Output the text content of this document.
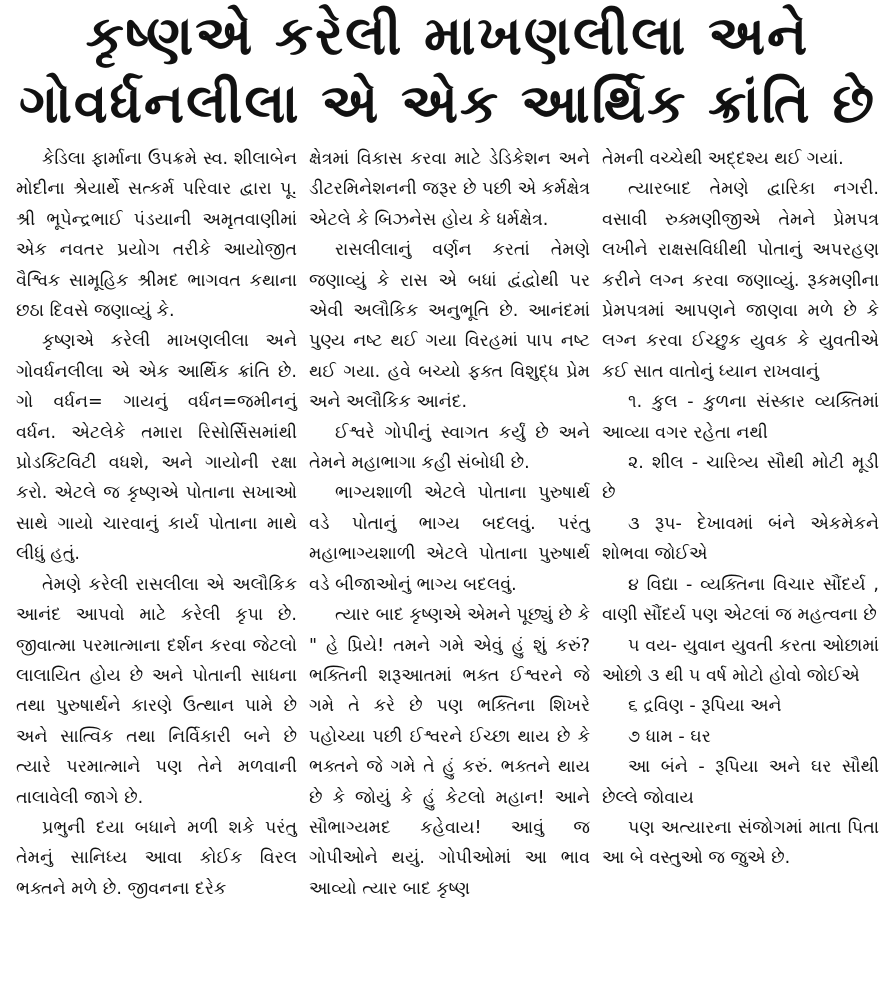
કૃષ્ણએ કરેલી માખણલીલા અને
ગોવર્ધનલીલા એ એક આર્થિક ક્રાંતિ છે

કેડિલા ફાર્માના ઉપક્રમે સ્વ. શીલાબેન મોદીના શ્રેયાર્થે સત્કર્મ પરિવાર દ્વારા પૂ. શ્રી ભૂપેન્દ્રભાઈ પંડયાની અમૃતવાણીમાં એક નવતર પ્રયોગ તરીકે આયોજીત વૈશ્વિક સામૂહિક શ્રીમદ ભાગવત કથાના છઠા દિવસે જણાવ્યું કે.

કૃષ્ણએ કરેલી માખણલીલા અને ગોવર્ધનલીલા એ એક આર્થિક ક્રાંતિ છે. ગો વર્ધન= ગાયનું વર્ધન=જમીનનું વર્ધન. એટલેકે તમારા રિસોર્સિસમાંથી પ્રોડક્ટિવિટી વધશે, અને ગાયોની રક્ષા કરો. એટલે જ કૃષ્ણએ પોતાના સખાઓ સાથે ગાયો ચારવાનું કાર્ય પોતાના માથે લીધું હતું.

તેમણે કરેલી રાસલીલા એ અલૌકિક આનંદ આપવો માટે કરેલી કૃપા છે. જીવાત્મા પરમાત્માના દર્શન કરવા જેટલો લાલાયિત હોય છે અને પોતાની સાધના તથા પુરુષાર્થને કારણે ઉત્થાન પામે છે અને સાત્વિક તથા નિર્વિકારી બને છે ત્યારે પરમાત્માને પણ તેને મળવાની તાલાવેલી જાગે છે.

પ્રભુની દયા બધાને મળી શકે પરંતુ તેમનું સાનિધ્ય આવા કોઈક વિરલ ભક્તને મળે છે. જીવનના દરેક

ક્ષેત્રમાં વિકાસ કરવા માટે ડેડિકેશન અને ડીટરમિનેશનની જરૂર છે પછી એ કર્મક્ષેત્ર એટલે કે બિઝનેસ હોય કે ધર્મક્ષેત્ર.

રાસલીલાનું વર્ણન કરતાં તેમણે જણાવ્યું કે રાસ એ બધાં દ્વંદ્વોથી પર એવી અલૌકિક અનુભૂતિ છે. આનંદમાં પુણ્ય નષ્ટ થઈ ગયા વિરહમાં પાપ નષ્ટ થઈ ગયા. હવે બચ્યો ફક્ત વિશુદ્ધ પ્રેમ અને અલૌકિક આનંદ.

ઈશ્વરે ગોપીનું સ્વાગત કર્યું છે અને તેમને મહાભાગા કહી સંબોધી છે.

ભાગ્યશાળી એટલે પોતાના પુરુષાર્થ વડે પોતાનું ભાગ્ય બદલવું. પરંતુ મહાભાગ્યશાળી એટલે પોતાના પુરુષાર્થ વડે બીજાઓનું ભાગ્ય બદલવું.

ત્યાર બાદ કૃષ્ણએ એમને પૂછ્યું છે કે " હે પ્રિયે! તમને ગમે એવું હું શું કરું? ભક્તિની શરૂઆતમાં ભક્ત ઈશ્વરને જે ગમે તે કરે છે પણ ભક્તિના શિખરે પહોચ્યા પછી ઈશ્વરને ઈચ્છા થાય છે કે ભક્તને જે ગમે તે હું કરું. ભક્તને થાય છે કે જોયું કે હું કેટલો મહાન! આને સૌભાગ્યમદ કહેવાય! આવું જ ગોપીઓને થયું. ગોપીઓમાં આ ભાવ આવ્યો ત્યાર બાદ કૃષ્ણ

તેમની વચ્ચેથી અદ્દશ્ય થઈ ગયાં.

ત્યારબાદ તેમણે દ્વારિકા નગરી. વસાવી રુક્મણીજીએ તેમને પ્રેમપત્ર લખીને રાક્ષસવિધીથી પોતાનું અપરહણ કરીને લગ્ન કરવા જણાવ્યું. રૂકમણીના પ્રેમપત્રમાં આપણને જાણવા મળે છે કે લગ્ન કરવા ઈચ્છુક યુવક કે યુવતીએ કઈ સાત વાતોનું ધ્યાન રાખવાનું

૧. કુલ - કુળના સંસ્કાર વ્યક્તિમાં આવ્યા વગર રહેતા નથી

૨. શીલ - ચારિત્ર્ય સૌથી મોટી મૂડી છે

૩ રૂપ- દેખાવમાં બંને એકમેકને શોભવા જોઈએ

૪ વિદ્યા - વ્યક્તિના વિચાર સૌંદર્ય , વાણી સૌંદર્ય પણ એટલાં જ મહત્વના છે

૫ વય- યુવાન યુવતી કરતા ઓછામાં ઓછો ૩ થી ૫ વર્ષ મોટો હોવો જોઈએ

૬ દ્રવિણ - રૂપિયા અને

૭ ધામ - ઘર

આ બંને - રૂપિયા અને ઘર સૌથી છેલ્લે જોવાય

પણ અત્યારના સંજોગમાં માતા પિતા આ બે વસ્તુઓ જ જુએ છે.
